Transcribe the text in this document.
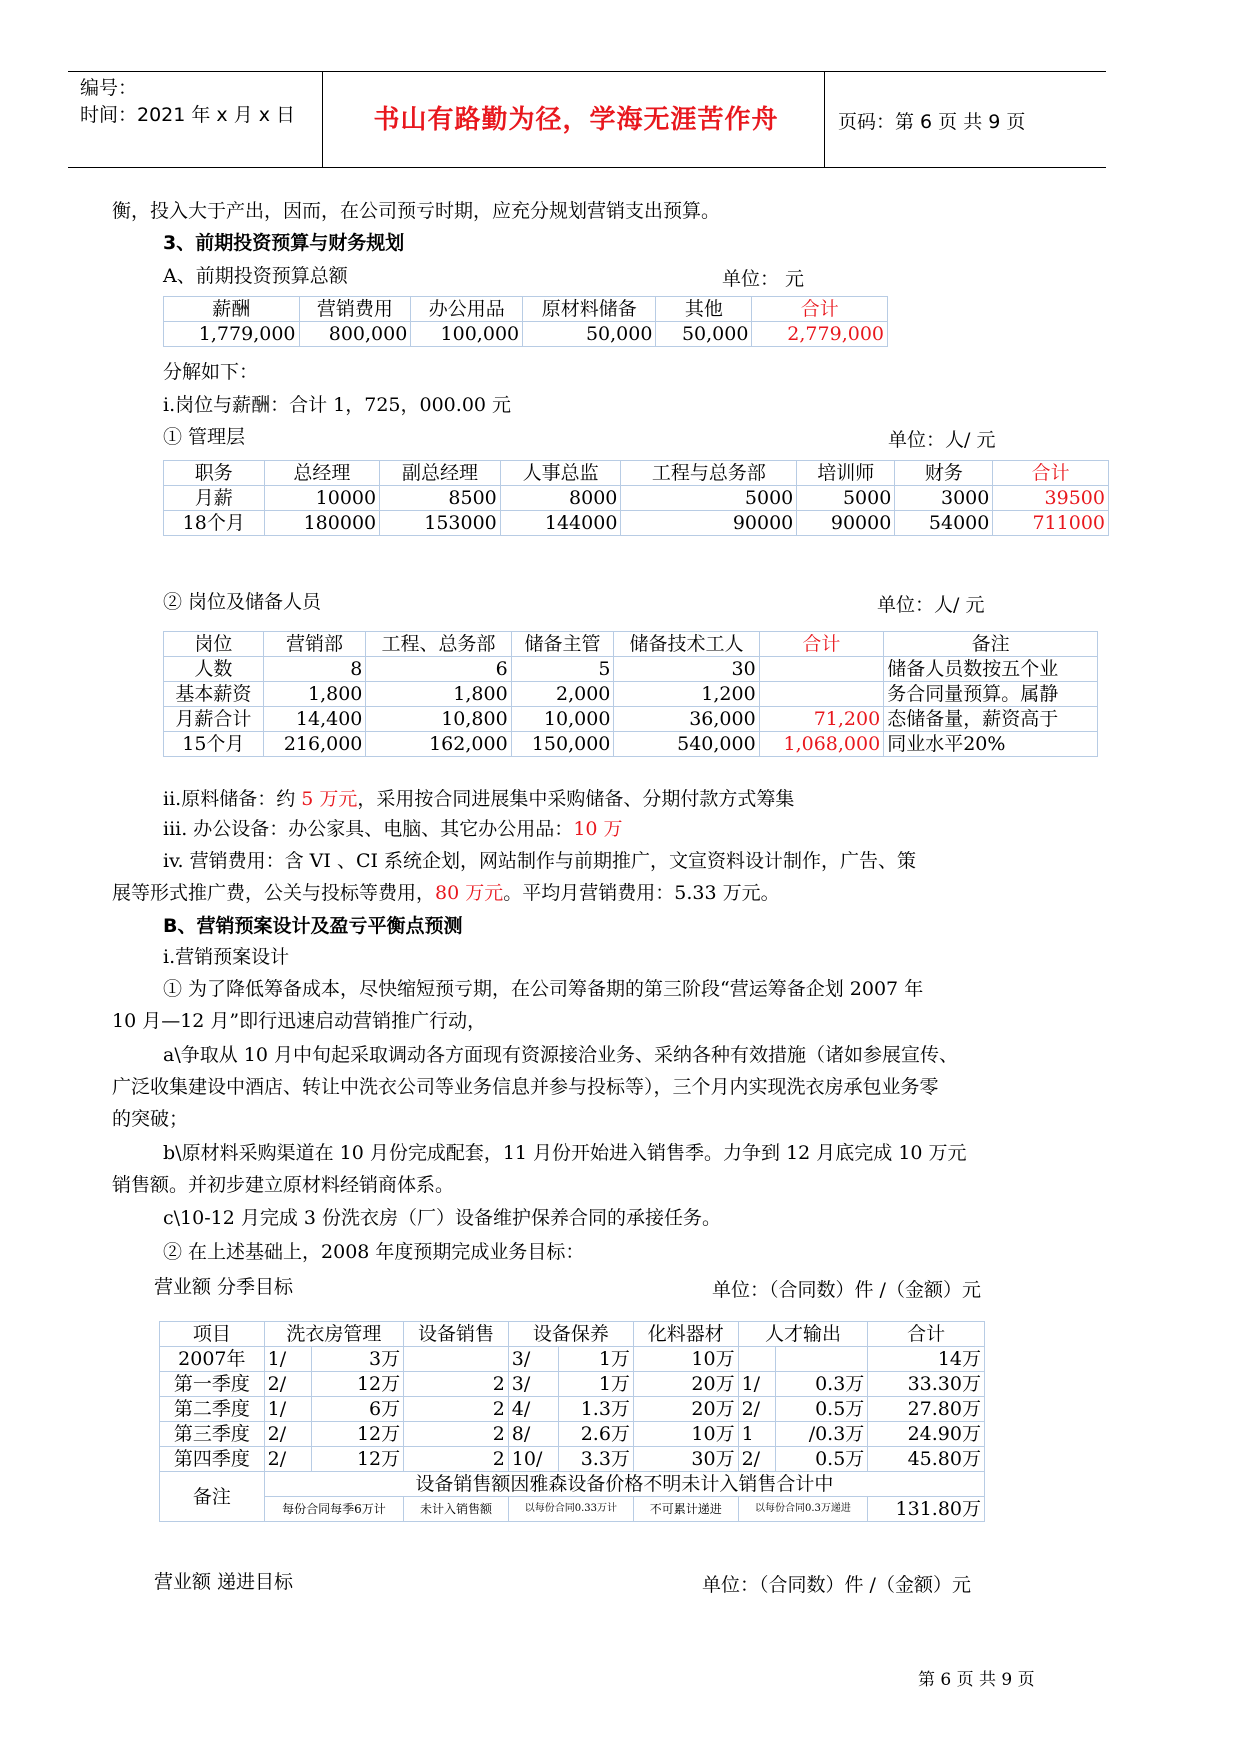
编号：
时间：2021 年 x 月 x 日	书山有路勤为径，学海无涯苦作舟	页码：第 6 页 共 9 页
衡，投入大于产出，因而，在公司预亏时期，应充分规划营销支出预算。
3、前期投资预算与财务规划
A、前期投资预算总额	单位： 元
薪酬	营销费用	办公用品	原材料储备	其他	合计
1,779,000	800,000	100,000	50,000	50,000	2,779,000
分解如下：
i.岗位与薪酬：合计 1，725，000.00 元
① 管理层	单位：人/ 元
职务	总经理	副总经理	人事总监	工程与总务部	培训师	财务	合计
月薪	10000	8500	8000	5000	5000	3000	39500
18个月	180000	153000	144000	90000	90000	54000	711000
② 岗位及储备人员	单位：人/ 元
岗位	营销部	工程、总务部	储备主管	储备技术工人	合计	备注
人数	8	6	5	30		储备人员数按五个业
基本薪资	1,800	1,800	2,000	1,200		务合同量预算。属静
月薪合计	14,400	10,800	10,000	36,000	71,200	态储备量，薪资高于
15个月	216,000	162,000	150,000	540,000	1,068,000	同业水平20%
ii.原料储备：约 5 万元，采用按合同进展集中采购储备、分期付款方式筹集
iii. 办公设备：办公家具、电脑、其它办公用品：10 万
iv. 营销费用：含 VI 、CI 系统企划，网站制作与前期推广，文宣资料设计制作，广告、策
展等形式推广费，公关与投标等费用，80 万元。平均月营销费用：5.33 万元。
B、营销预案设计及盈亏平衡点预测
i.营销预案设计
① 为了降低筹备成本，尽快缩短预亏期，在公司筹备期的第三阶段“营运筹备企划 2007 年
10 月—12 月”即行迅速启动营销推广行动，
a\争取从 10 月中旬起采取调动各方面现有资源接洽业务、采纳各种有效措施（诸如参展宣传、
广泛收集建设中酒店、转让中洗衣公司等业务信息并参与投标等），三个月内实现洗衣房承包业务零
的突破；
b\原材料采购渠道在 10 月份完成配套，11 月份开始进入销售季。力争到 12 月底完成 10 万元
销售额。并初步建立原材料经销商体系。
c\10-12 月完成 3 份洗衣房（厂）设备维护保养合同的承接任务。
② 在上述基础上，2008 年度预期完成业务目标：
营业额 分季目标	单位：（合同数）件 /（金额）元
项目	洗衣房管理		设备销售	设备保养		化料器材	人才输出		合计
2007年	1/	3万		3/	1万	10万			14万
第一季度	2/	12万	2	3/	1万	20万	1/	0.3万	33.30万
第二季度	1/	6万	2	4/	1.3万	20万	2/	0.5万	27.80万
第三季度	2/	12万	2	8/	2.6万	10万	1	/0.3万	24.90万
第四季度	2/	12万	2	10/	3.3万	30万	2/	0.5万	45.80万
备注	设备销售额因雅森设备价格不明未计入销售合计中								
	每份合同每季6万计		未计入销售额	以每份合同0.33万计		不可累计递进	以每份合同0.3万递进		131.80万
营业额 递进目标	单位：（合同数）件 /（金额）元
第 6 页 共 9 页
